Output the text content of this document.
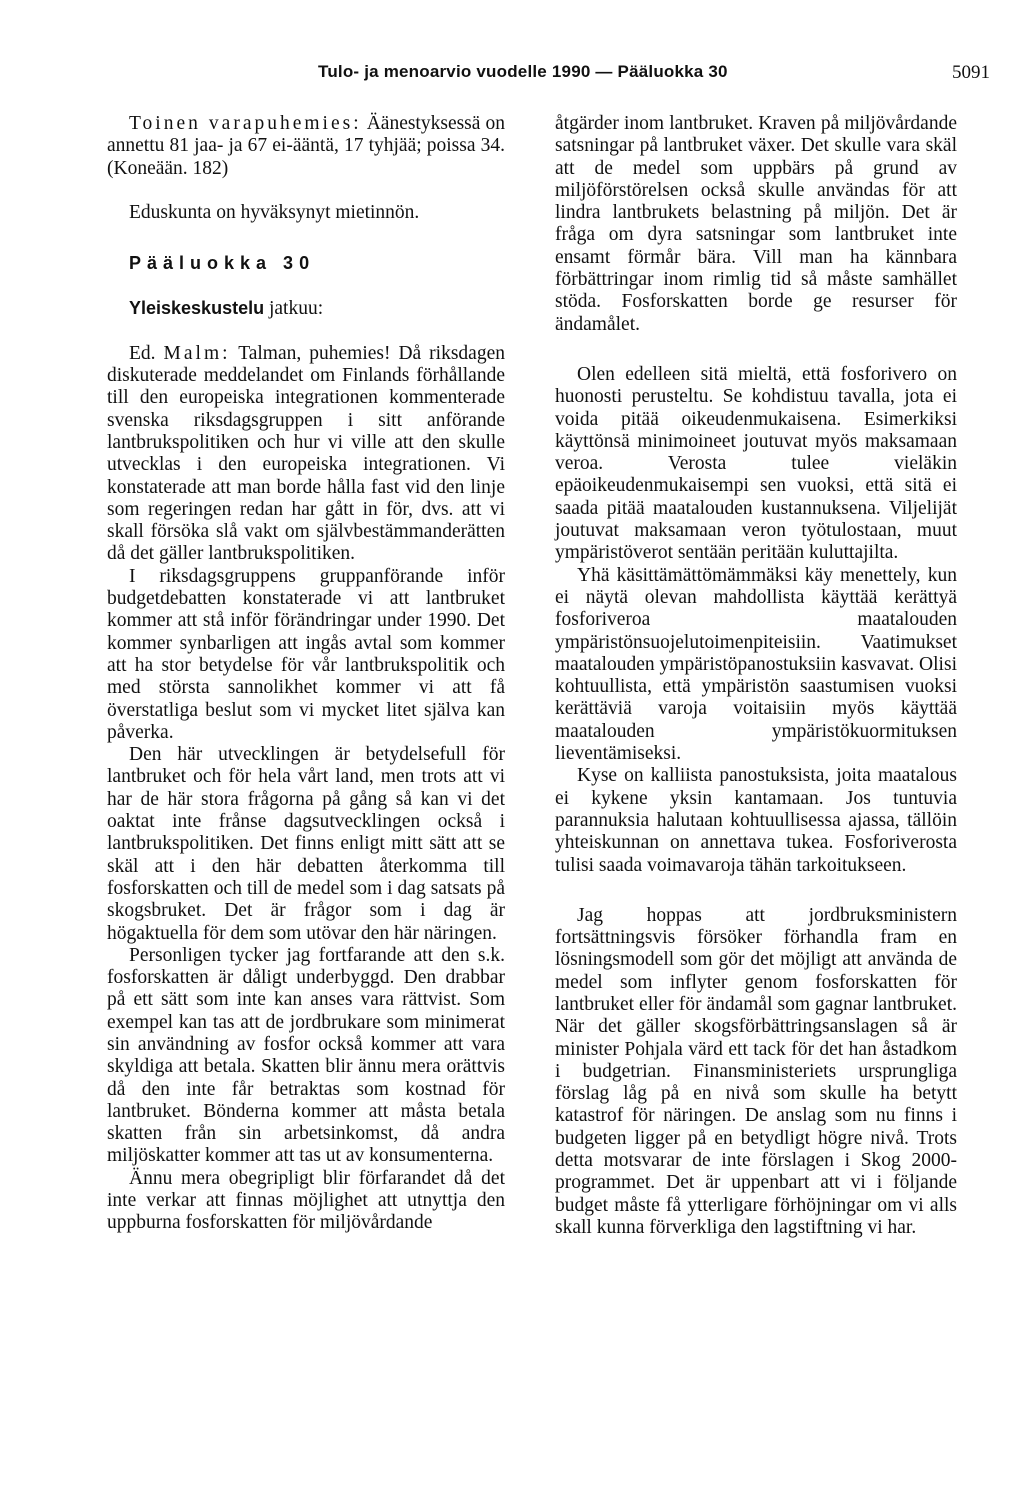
Tulo- ja menoarvio vuodelle 1990 — Pääluokka 30	5091

Toinen varapuhemies: Äänestyksessä on annettu 81 jaa- ja 67 ei-ääntä, 17 tyhjää; poissa 34. (Koneään. 182)

Eduskunta on hyväksynyt mietinnön.

Pääluokka 30

Yleiskeskustelu jatkuu:

Ed. Malm: Talman, puhemies! Då riksdagen diskuterade meddelandet om Finlands förhållande till den europeiska integrationen kommenterade svenska riksdagsgruppen i sitt anförande lantbrukspolitiken och hur vi ville att den skulle utvecklas i den europeiska integrationen. Vi konstaterade att man borde hålla fast vid den linje som regeringen redan har gått in för, dvs. att vi skall försöka slå vakt om självbestämmanderätten då det gäller lantbrukspolitiken.

I riksdagsgruppens gruppanförande inför budgetdebatten konstaterade vi att lantbruket kommer att stå inför förändringar under 1990. Det kommer synbarligen att ingås avtal som kommer att ha stor betydelse för vår lantbrukspolitik och med största sannolikhet kommer vi att få överstatliga beslut som vi mycket litet själva kan påverka.

Den här utvecklingen är betydelsefull för lantbruket och för hela vårt land, men trots att vi har de här stora frågorna på gång så kan vi det oaktat inte frånse dagsutvecklingen också i lantbrukspolitiken. Det finns enligt mitt sätt att se skäl att i den här debatten återkomma till fosforskatten och till de medel som i dag satsats på skogsbruket. Det är frågor som i dag är högaktuella för dem som utövar den här näringen.

Personligen tycker jag fortfarande att den s.k. fosforskatten är dåligt underbyggd. Den drabbar på ett sätt som inte kan anses vara rättvist. Som exempel kan tas att de jordbrukare som minimerat sin användning av fosfor också kommer att vara skyldiga att betala. Skatten blir ännu mera orättvis då den inte får betraktas som kostnad för lantbruket. Bönderna kommer att måsta betala skatten från sin arbetsinkomst, då andra miljöskatter kommer att tas ut av konsumenterna.

Ännu mera obegripligt blir förfarandet då det inte verkar att finnas möjlighet att utnyttja den uppburna fosforskatten för miljövårdande

åtgärder inom lantbruket. Kraven på miljövårdande satsningar på lantbruket växer. Det skulle vara skäl att de medel som uppbärs på grund av miljöförstörelsen också skulle användas för att lindra lantbrukets belastning på miljön. Det är fråga om dyra satsningar som lantbruket inte ensamt förmår bära. Vill man ha kännbara förbättringar inom rimlig tid så måste samhället stöda. Fosforskatten borde ge resurser för ändamålet.

Olen edelleen sitä mieltä, että fosforivero on huonosti perusteltu. Se kohdistuu tavalla, jota ei voida pitää oikeudenmukaisena. Esimerkiksi käyttönsä minimoineet joutuvat myös maksamaan veroa. Verosta tulee vieläkin epäoikeudenmukaisempi sen vuoksi, että sitä ei saada pitää maatalouden kustannuksena. Viljelijät joutuvat maksamaan veron työtulostaan, muut ympäristöverot sentään peritään kuluttajilta.

Yhä käsittämättömämmäksi käy menettely, kun ei näytä olevan mahdollista käyttää kerättyä fosforiveroa maatalouden ympäristönsuojelutoimenpiteisiin. Vaatimukset maatalouden ympäristöpanostuksiin kasvavat. Olisi kohtuullista, että ympäristön saastumisen vuoksi kerättäviä varoja voitaisiin myös käyttää maatalouden ympäristökuormituksen lieventämiseksi.

Kyse on kalliista panostuksista, joita maatalous ei kykene yksin kantamaan. Jos tuntuvia parannuksia halutaan kohtuullisessa ajassa, tällöin yhteiskunnan on annettava tukea. Fosforiverosta tulisi saada voimavaroja tähän tarkoitukseen.

Jag hoppas att jordbruksministern fortsättningsvis försöker förhandla fram en lösningsmodell som gör det möjligt att använda de medel som inflyter genom fosforskatten för lantbruket eller för ändamål som gagnar lantbruket. När det gäller skogsförbättringsanslagen så är minister Pohjala värd ett tack för det han åstadkom i budgetrian. Finansministeriets ursprungliga förslag låg på en nivå som skulle ha betytt katastrof för näringen. De anslag som nu finns i budgeten ligger på en betydligt högre nivå. Trots detta motsvarar de inte förslagen i Skog 2000-programmet. Det är uppenbart att vi i följande budget måste få ytterligare förhöjningar om vi alls skall kunna förverkliga den lagstiftning vi har.
